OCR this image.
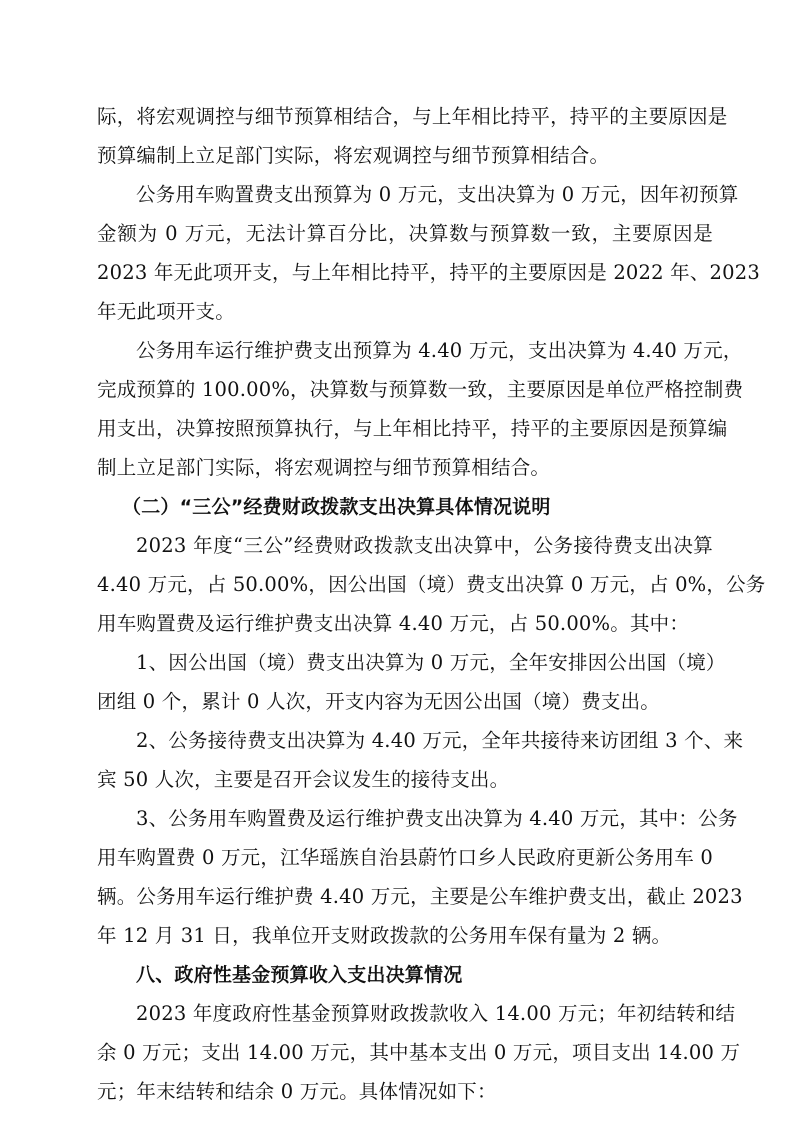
际，将宏观调控与细节预算相结合，与上年相比持平，持平的主要原因是
预算编制上立足部门实际，将宏观调控与细节预算相结合。
公务用车购置费支出预算为 0 万元，支出决算为 0 万元，因年初预算
金额为 0 万元，无法计算百分比，决算数与预算数一致，主要原因是
2023 年无此项开支，与上年相比持平，持平的主要原因是 2022 年、2023
年无此项开支。
公务用车运行维护费支出预算为 4.40 万元，支出决算为 4.40 万元，
完成预算的 100.00%，决算数与预算数一致，主要原因是单位严格控制费
用支出，决算按照预算执行，与上年相比持平，持平的主要原因是预算编
制上立足部门实际，将宏观调控与细节预算相结合。
（二）“三公”经费财政拨款支出决算具体情况说明
2023 年度“三公”经费财政拨款支出决算中，公务接待费支出决算
4.40 万元，占 50.00%，因公出国（境）费支出决算 0 万元，占 0%，公务
用车购置费及运行维护费支出决算 4.40 万元，占 50.00%。其中：
1、因公出国（境）费支出决算为 0 万元，全年安排因公出国（境）
团组 0 个，累计 0 人次，开支内容为无因公出国（境）费支出。
2、公务接待费支出决算为 4.40 万元，全年共接待来访团组 3 个、来
宾 50 人次，主要是召开会议发生的接待支出。
3、公务用车购置费及运行维护费支出决算为 4.40 万元，其中：公务
用车购置费 0 万元，江华瑶族自治县蔚竹口乡人民政府更新公务用车 0
辆。公务用车运行维护费 4.40 万元，主要是公车维护费支出，截止 2023
年 12 月 31 日，我单位开支财政拨款的公务用车保有量为 2 辆。
八、政府性基金预算收入支出决算情况
2023 年度政府性基金预算财政拨款收入 14.00 万元；年初结转和结
余 0 万元；支出 14.00 万元，其中基本支出 0 万元，项目支出 14.00 万
元；年末结转和结余 0 万元。具体情况如下：
